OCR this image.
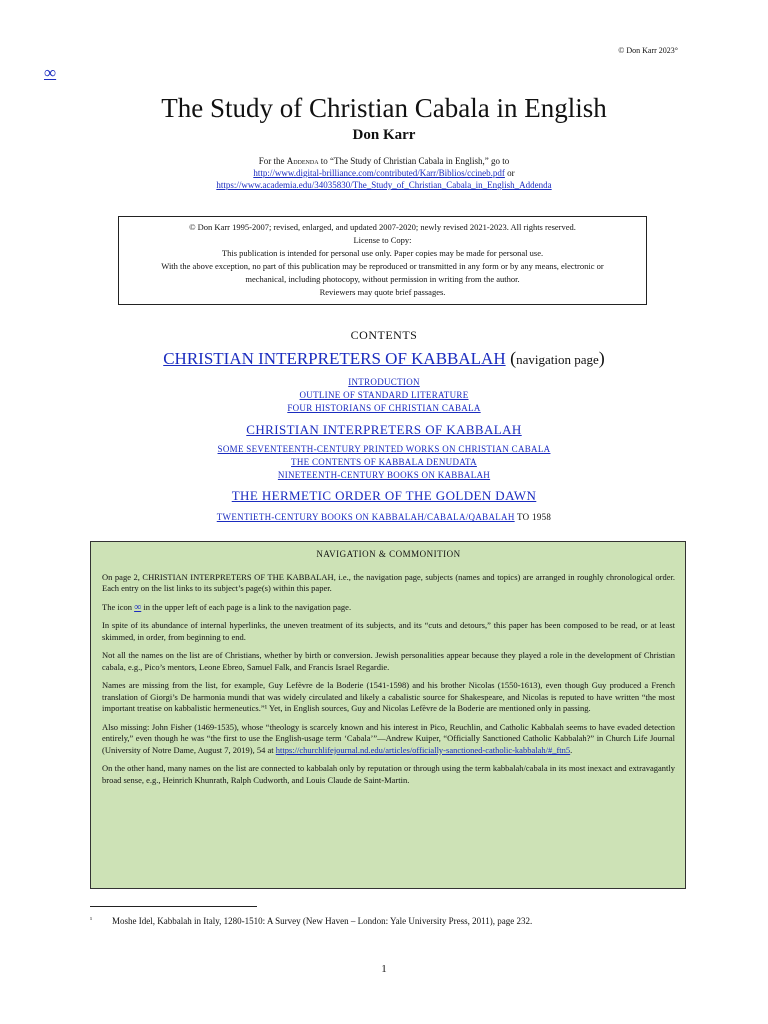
© Don Karr 2023°
∞
The Study of Christian Cabala in English
Don Karr
For the Addenda to “The Study of Christian Cabala in English,” go to
http://www.digital-brilliance.com/contributed/Karr/Biblios/ccineb.pdf or
https://www.academia.edu/34035830/The_Study_of_Christian_Cabala_in_English_Addenda
© Don Karr 1995-2007; revised, enlarged, and updated 2007-2020; newly revised 2021-2023. All rights reserved.
License to Copy:
This publication is intended for personal use only. Paper copies may be made for personal use.
With the above exception, no part of this publication may be reproduced or transmitted in any form or by any means, electronic or
mechanical, including photocopy, without permission in writing from the author.
Reviewers may quote brief passages.
CONTENTS
CHRISTIAN INTERPRETERS OF KABBALAH (navigation page)
INTRODUCTION
OUTLINE OF STANDARD LITERATURE
FOUR HISTORIANS OF CHRISTIAN CABALA
CHRISTIAN INTERPRETERS OF KABBALAH
SOME SEVENTEENTH-CENTURY PRINTED WORKS ON CHRISTIAN CABALA
THE CONTENTS OF KABBALA DENUDATA
NINETEENTH-CENTURY BOOKS ON KABBALAH
THE HERMETIC ORDER OF THE GOLDEN DAWN
TWENTIETH-CENTURY BOOKS ON KABBALAH/CABALA/QABALAH TO 1958
NAVIGATION & COMMONITION

On page 2, CHRISTIAN INTERPRETERS OF THE KABBALAH, i.e., the navigation page, subjects (names and topics) are arranged in roughly chronological order. Each entry on the list links to its subject’s page(s) within this paper.

The icon ∞ in the upper left of each page is a link to the navigation page.

In spite of its abundance of internal hyperlinks, the uneven treatment of its subjects, and its “cuts and detours,” this paper has been composed to be read, or at least skimmed, in order, from beginning to end.

Not all the names on the list are of Christians, whether by birth or conversion. Jewish personalities appear because they played a role in the development of Christian cabala, e.g., Pico’s mentors, Leone Ebreo, Samuel Falk, and Francis Israel Regardie.

Names are missing from the list, for example, Guy Lefèvre de la Boderie (1541-1598) and his brother Nicolas (1550-1613), even though Guy produced a French translation of Giorgi’s De harmonia mundi that was widely circulated and likely a cabalistic source for Shakespeare, and Nicolas is reputed to have written “the most important treatise on kabbalistic hermeneutics.”¹ Yet, in English sources, Guy and Nicolas Lefèvre de la Boderie are mentioned only in passing.

Also missing: John Fisher (1469-1535), whose “theology is scarcely known and his interest in Pico, Reuchlin, and Catholic Kabbalah seems to have evaded detection entirely,” even though he was “the first to use the English-usage term ‘Cabala’”—Andrew Kuiper, “Officially Sanctioned Catholic Kabbalah?” in Church Life Journal (University of Notre Dame, August 7, 2019), 54 at https://churchlifejournal.nd.edu/articles/officially-sanctioned-catholic-kabbalah/#_ftn5.

On the other hand, many names on the list are connected to kabbalah only by reputation or through using the term kabbalah/cabala in its most inexact and extravagantly broad sense, e.g., Heinrich Khunrath, Ralph Cudworth, and Louis Claude de Saint-Martin.

¹ Moshe Idel, Kabbalah in Italy, 1280-1510: A Survey (New Haven – London: Yale University Press, 2011), page 232.
1
